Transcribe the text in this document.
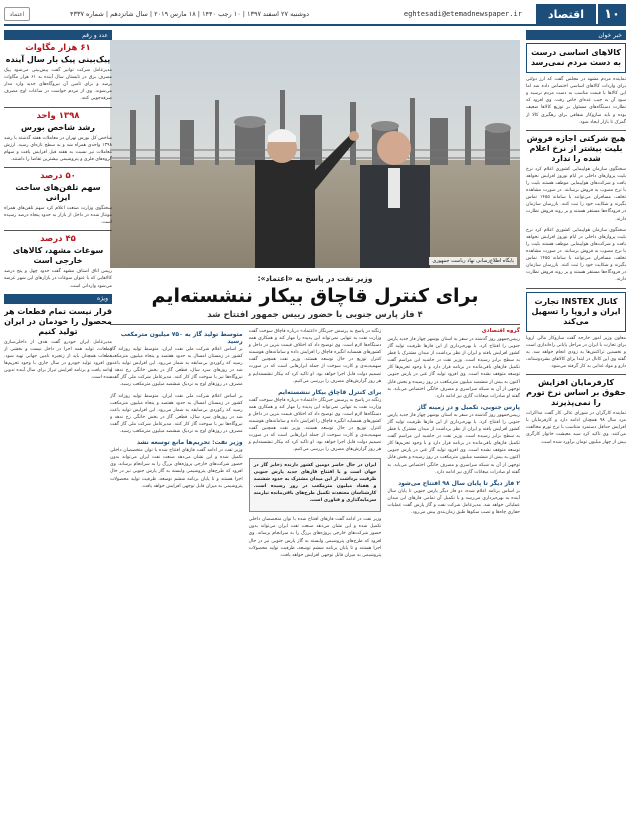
۱۰
اقتصاد
eghtesadi@etemadnewspaper.ir
دوشنبه ۲۷ اسفند ۱۳۹۷ | ۱۰ رجب ۱۴۴۰ | ۱۸ مارس ۲۰۱۹ | سال شانزدهم | شماره ۴۳۳۷
اعتماد
خبر خوان
کالاهای اساسی درست به دست مردم نمی‌رسد
نماینده مردم مشهد در مجلس گفت که ارز دولتی برای واردات کالاهای اساسی اختصاص داده شد اما این کالاها با قیمت مناسب به دست مردم نرسید و سود آن به جیب عده‌ای خاص رفت. وی افزود که نظارت دستگاه‌های مسئول بر توزیع کالاها ضعیف بوده و باید سازوکار شفافی برای رهگیری کالا از گمرک تا بازار ایجاد شود.
هیچ شرکتی اجازه فروش بلیت بیشتر از نرخ اعلام شده را ندارد
سخنگوی سازمان هواپیمایی کشوری اعلام کرد نرخ بلیت پروازهای داخلی در ایام نوروز افزایش نخواهد یافت و شرکت‌های هواپیمایی موظف هستند بلیت را با نرخ مصوب به فروش برسانند. در صورت مشاهده تخلف، مسافران می‌توانند با سامانه ۱۴۵۵ تماس بگیرند و شکایت خود را ثبت کنند. بازرسان سازمان در فرودگاه‌ها مستقر هستند و بر روند فروش نظارت دارند.
سخنگوی سازمان هواپیمایی کشوری اعلام کرد نرخ بلیت پروازهای داخلی در ایام نوروز افزایش نخواهد یافت و شرکت‌های هواپیمایی موظف هستند بلیت را با نرخ مصوب به فروش برسانند. در صورت مشاهده تخلف، مسافران می‌توانند با سامانه ۱۴۵۵ تماس بگیرند و شکایت خود را ثبت کنند. بازرسان سازمان در فرودگاه‌ها مستقر هستند و بر روند فروش نظارت دارند.
کانال INSTEX تجارت ایران و اروپا را تسهیل می‌کند
معاون وزیر امور خارجه گفت سازوکار مالی اروپا برای تجارت با ایران در مراحل پایانی راه‌اندازی است و نخستین تراکنش‌ها به زودی انجام خواهد شد. به گفته وی این کانال در ابتدا برای کالاهای بشردوستانه، دارو و مواد غذایی به کار گرفته می‌شود.
کارفرمایان افزایش حقوق بر اساس نرخ تورم را نمی‌پذیرند
نماینده کارگران در شورای عالی کار گفت مذاکرات مزد سال ۹۸ همچنان ادامه دارد و کارفرمایان با افزایش حداقل دستمزد متناسب با نرخ تورم مخالفت می‌کنند. وی تاکید کرد سبد معیشت خانوار کارگری بیش از چهار میلیون تومان برآورد شده است.
پایگاه اطلاع‌رسانی نهاد ریاست جمهوری
وزیر نفت در پاسخ به «اعتماد»:
برای کنترل قاچاق بیکار ننشسته‌ایم
۴ فاز پارس جنوبی با حضور رییس جمهور افتتاح شد
گروه اقتصادی
رییس‌جمهور روز گذشته در سفر به استان بوشهر چهار فاز جدید پارس جنوبی را افتتاح کرد. با بهره‌برداری از این فازها ظرفیت تولید گاز کشور افزایش یافته و ایران از نظر برداشت از میدان مشترک با قطر به سطح برابر رسیده است. وزیر نفت در حاشیه این مراسم گفت تکمیل فازهای باقی‌مانده در برنامه قرار دارد و با وجود تحریم‌ها کار توسعه متوقف نشده است. وی افزود تولید گاز غنی در پارس جنوبی اکنون به بیش از ششصد میلیون مترمکعب در روز رسیده و بخش قابل توجهی از آن به شبکه سراسری و مصرف خانگی اختصاص می‌یابد. به گفته او صادرات میعانات گازی نیز ادامه دارد.
پارس جنوبی، تکمیل و در زمینه گاز
رییس‌جمهور روز گذشته در سفر به استان بوشهر چهار فاز جدید پارس جنوبی را افتتاح کرد. با بهره‌برداری از این فازها ظرفیت تولید گاز کشور افزایش یافته و ایران از نظر برداشت از میدان مشترک با قطر به سطح برابر رسیده است. وزیر نفت در حاشیه این مراسم گفت تکمیل فازهای باقی‌مانده در برنامه قرار دارد و با وجود تحریم‌ها کار توسعه متوقف نشده است. وی افزود تولید گاز غنی در پارس جنوبی اکنون به بیش از ششصد میلیون مترمکعب در روز رسیده و بخش قابل توجهی از آن به شبکه سراسری و مصرف خانگی اختصاص می‌یابد. به گفته او صادرات میعانات گازی نیز ادامه دارد.
۲ فاز دیگر تا پایان سال ۹۸ افتتاح می‌شود
بر اساس برنامه اعلام شده، دو فاز دیگر پارس جنوبی تا پایان سال آینده به بهره‌برداری می‌رسد و با تکمیل آن تمامی فازهای این میدان عملیاتی خواهد شد. مدیرعامل شرکت نفت و گاز پارس گفت عملیات حفاری چاه‌ها و نصب سکوها طبق زمان‌بندی پیش می‌رود.
زنگنه در پاسخ به پرسش خبرنگار «اعتماد» درباره قاچاق سوخت گفت وزارت نفت به تنهایی نمی‌تواند این پدیده را مهار کند و همکاری همه دستگاه‌ها لازم است. وی توضیح داد که اختلاف قیمت بنزین در داخل و کشورهای همسایه انگیزه قاچاق را افزایش داده و سامانه‌های هوشمند کنترل توزیع در حال توسعه هستند. وزیر نفت همچنین گفت سهمیه‌بندی و کارت سوخت از جمله ابزارهایی است که در صورت تصمیم دولت قابل اجرا خواهد بود. او تاکید کرد که بیکار ننشسته‌ایم و هر روز گزارش‌های مصرف را بررسی می‌کنیم.
برای کنترل قاچاق بیکار ننشسته‌ایم
زنگنه در پاسخ به پرسش خبرنگار «اعتماد» درباره قاچاق سوخت گفت وزارت نفت به تنهایی نمی‌تواند این پدیده را مهار کند و همکاری همه دستگاه‌ها لازم است. وی توضیح داد که اختلاف قیمت بنزین در داخل و کشورهای همسایه انگیزه قاچاق را افزایش داده و سامانه‌های هوشمند کنترل توزیع در حال توسعه هستند. وزیر نفت همچنین گفت سهمیه‌بندی و کارت سوخت از جمله ابزارهایی است که در صورت تصمیم دولت قابل اجرا خواهد بود. او تاکید کرد که بیکار ننشسته‌ایم و هر روز گزارش‌های مصرف را بررسی می‌کنیم.
ایران در حال حاضر دومین کشور دارنده ذخایر گاز در جهان است و با افتتاح فازهای جدید پارس جنوبی ظرفیت برداشت از این میدان مشترک به حدود ششصد و هفتاد میلیون مترمکعب در روز رسیده است. کارشناسان معتقدند تکمیل طرح‌های باقی‌مانده نیازمند سرمایه‌گذاری و فناوری است.
وزیر نفت در ادامه گفت فازهای افتتاح شده با توان متخصصان داخلی تکمیل شده و این نشان می‌دهد صنعت نفت ایران می‌تواند بدون حضور شرکت‌های خارجی پروژه‌های بزرگ را به سرانجام برساند. وی افزود که طرح‌های پتروشیمی وابسته به گاز پارس جنوبی نیز در حال اجرا هستند و تا پایان برنامه ششم توسعه، ظرفیت تولید محصولات پتروشیمی به میزان قابل توجهی افزایش خواهد یافت.
متوسط تولید گاز به ۷۵۰ میلیون مترمکعب رسید
بر اساس اعلام شرکت ملی نفت ایران، متوسط تولید روزانه گاز کشور در زمستان امسال به حدود هفتصد و پنجاه میلیون مترمکعب رسید که رکوردی بی‌سابقه به شمار می‌رود. این افزایش تولید باعث شد در روزهای سرد سال، قطعی گاز در بخش خانگی رخ ندهد و نیروگاه‌ها نیز با سوخت گاز کار کنند. مدیرعامل شرکت ملی گاز گفت مصرف در روزهای اوج به نزدیک ششصد میلیون مترمکعب رسید.
بر اساس اعلام شرکت ملی نفت ایران، متوسط تولید روزانه گاز کشور در زمستان امسال به حدود هفتصد و پنجاه میلیون مترمکعب رسید که رکوردی بی‌سابقه به شمار می‌رود. این افزایش تولید باعث شد در روزهای سرد سال، قطعی گاز در بخش خانگی رخ ندهد و نیروگاه‌ها نیز با سوخت گاز کار کنند. مدیرعامل شرکت ملی گاز گفت مصرف در روزهای اوج به نزدیک ششصد میلیون مترمکعب رسید.
وزیر نفت: تحریم‌ها مانع توسعه نشد
وزیر نفت در ادامه گفت فازهای افتتاح شده با توان متخصصان داخلی تکمیل شده و این نشان می‌دهد صنعت نفت ایران می‌تواند بدون حضور شرکت‌های خارجی پروژه‌های بزرگ را به سرانجام برساند. وی افزود که طرح‌های پتروشیمی وابسته به گاز پارس جنوبی نیز در حال اجرا هستند و تا پایان برنامه ششم توسعه، ظرفیت تولید محصولات پتروشیمی به میزان قابل توجهی افزایش خواهد یافت.
عدد و رقم
۶۱ هزار مگاوات
پیک‌بینی پیک بار سال آینده
مدیرعامل شرکت توانیر گفت پیش‌بینی می‌شود پیک مصرف برق در تابستان سال آینده به ۶۱ هزار مگاوات برسد و برای تامین آن نیروگاه‌های جدید وارد مدار می‌شوند. وی از مردم خواست در ساعات اوج مصرف صرفه‌جویی کنند.
۱۳۹۸ واحد
رشد شاخص بورس
شاخص کل بورس تهران در معاملات هفته گذشته با رشد ۱۳۹۸ واحدی همراه شد و به سطح تازه‌ای رسید. ارزش معاملات نیز نسبت به هفته قبل افزایش یافت و سهام گروه‌های فلزی و پتروشیمی بیشترین تقاضا را داشتند.
۵۰ درصد
سهم تلفن‌های ساخت ایرانی
سخنگوی وزارت صنعت اعلام کرد سهم تلفن‌های همراه مونتاژ شده در داخل از بازار به حدود پنجاه درصد رسیده است.
۴۵ درصد
سوغات مشهد، کالاهای خارجی است
رییس اتاق اصناف مشهد گفت حدود چهل و پنج درصد کالاهایی که با عنوان سوغات در بازارهای این شهر عرضه می‌شود وارداتی است.
ویژه
قرار نیست تمام قطعات هر محصول را خودمان در ایران تولید کنیم
مدیرعامل ایران خودرو گفت هدف از داخلی‌سازی قطعات، تولید همه اجزا در داخل نیست و بخشی از قطعات همچنان باید از زنجیره تامین جهانی تهیه شود. وی افزود تولید خودرو در سال جاری با وجود تحریم‌ها ادامه یافت و برنامه افزایش تیراژ برای سال آینده تدوین شده است.
